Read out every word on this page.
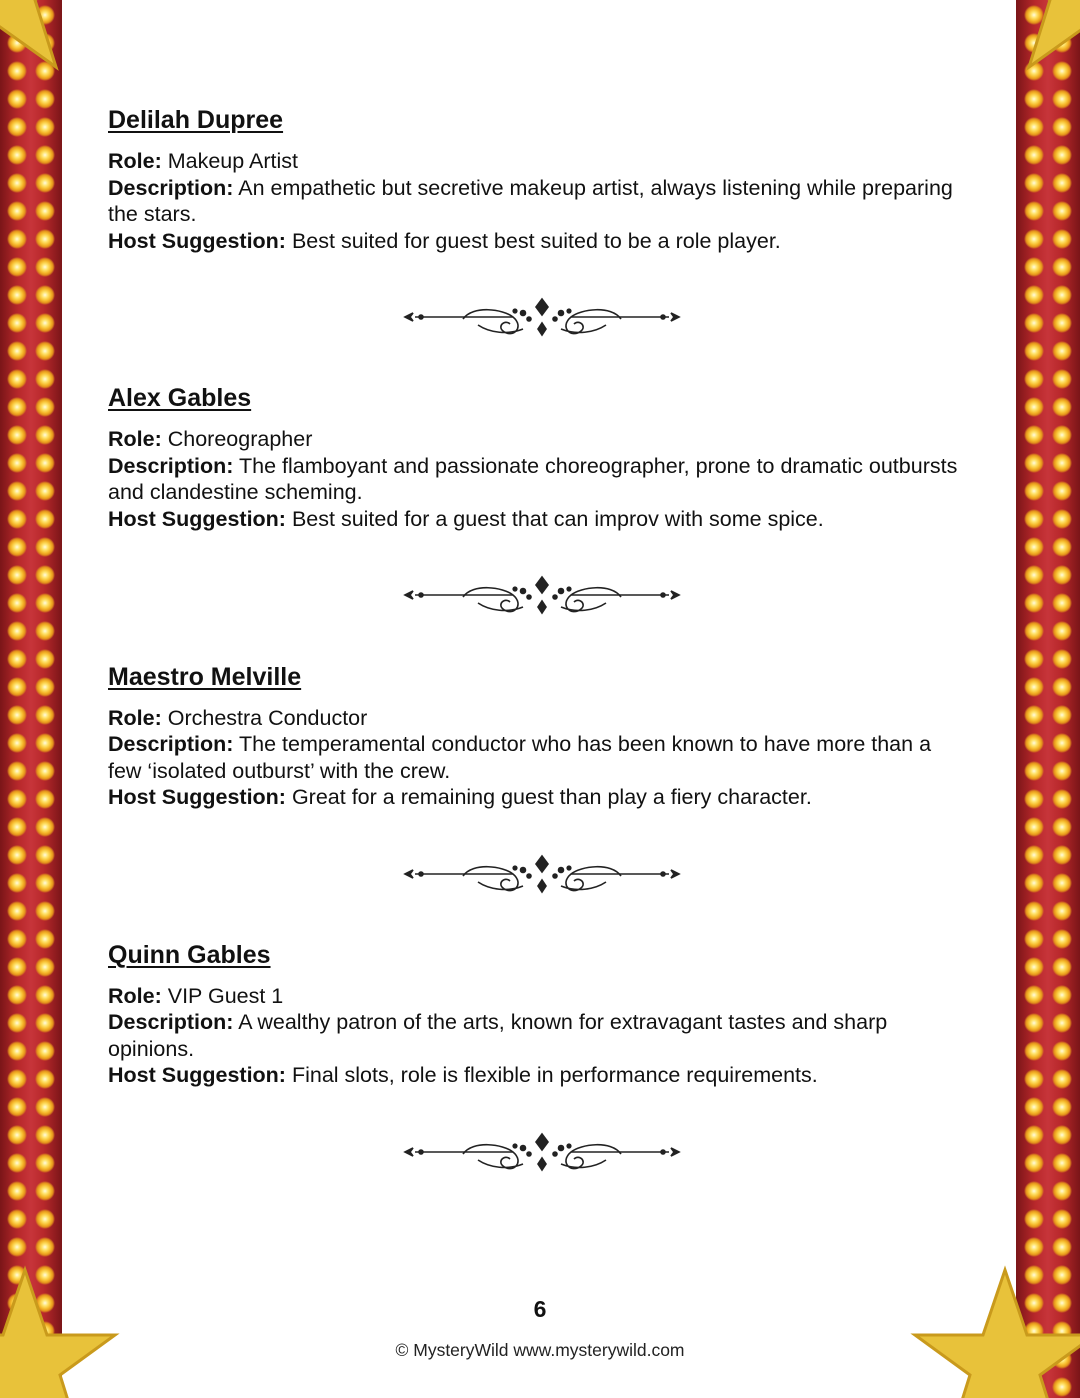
Delilah Dupree

Role: Makeup Artist

Description: An empathetic but secretive makeup artist, always listening while preparing the stars.

Host Suggestion: Best suited for guest best suited to be a role player.

Alex Gables

Role: Choreographer

Description: The flamboyant and passionate choreographer, prone to dramatic outbursts and clandestine scheming.

Host Suggestion: Best suited for a guest that can improv with some spice.

Maestro Melville

Role: Orchestra Conductor

Description: The temperamental conductor who has been known to have more than a few ‘isolated outburst’ with the crew.

Host Suggestion: Great for a remaining guest than play a fiery character.

Quinn Gables

Role: VIP Guest 1

Description: A wealthy patron of the arts, known for extravagant tastes and sharp opinions.

Host Suggestion: Final slots, role is flexible in performance requirements.

6
© MysteryWild www.mysterywild.com
